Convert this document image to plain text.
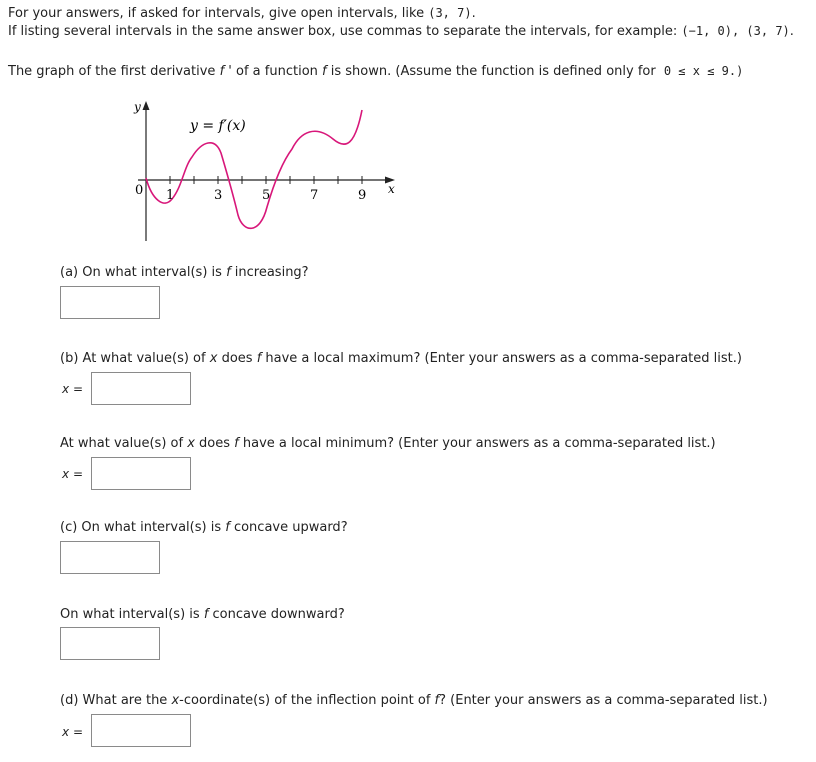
For your answers, if asked for intervals, give open intervals, like (3, 7).
If listing several intervals in the same answer box, use commas to separate the intervals, for example: (−1, 0), (3, 7).
The graph of the first derivative f ' of a function f is shown. (Assume the function is defined only for 0 ≤ x ≤ 9.)
y
x
0 1	3	5	7	9
y = f′(x)
(a) On what interval(s) is f increasing?
(b) At what value(s) of x does f have a local maximum? (Enter your answers as a comma-separated list.)
x =
At what value(s) of x does f have a local minimum? (Enter your answers as a comma-separated list.)
x =
(c) On what interval(s) is f concave upward?
On what interval(s) is f concave downward?
(d) What are the x-coordinate(s) of the inflection point of f? (Enter your answers as a comma-separated list.)
x =
